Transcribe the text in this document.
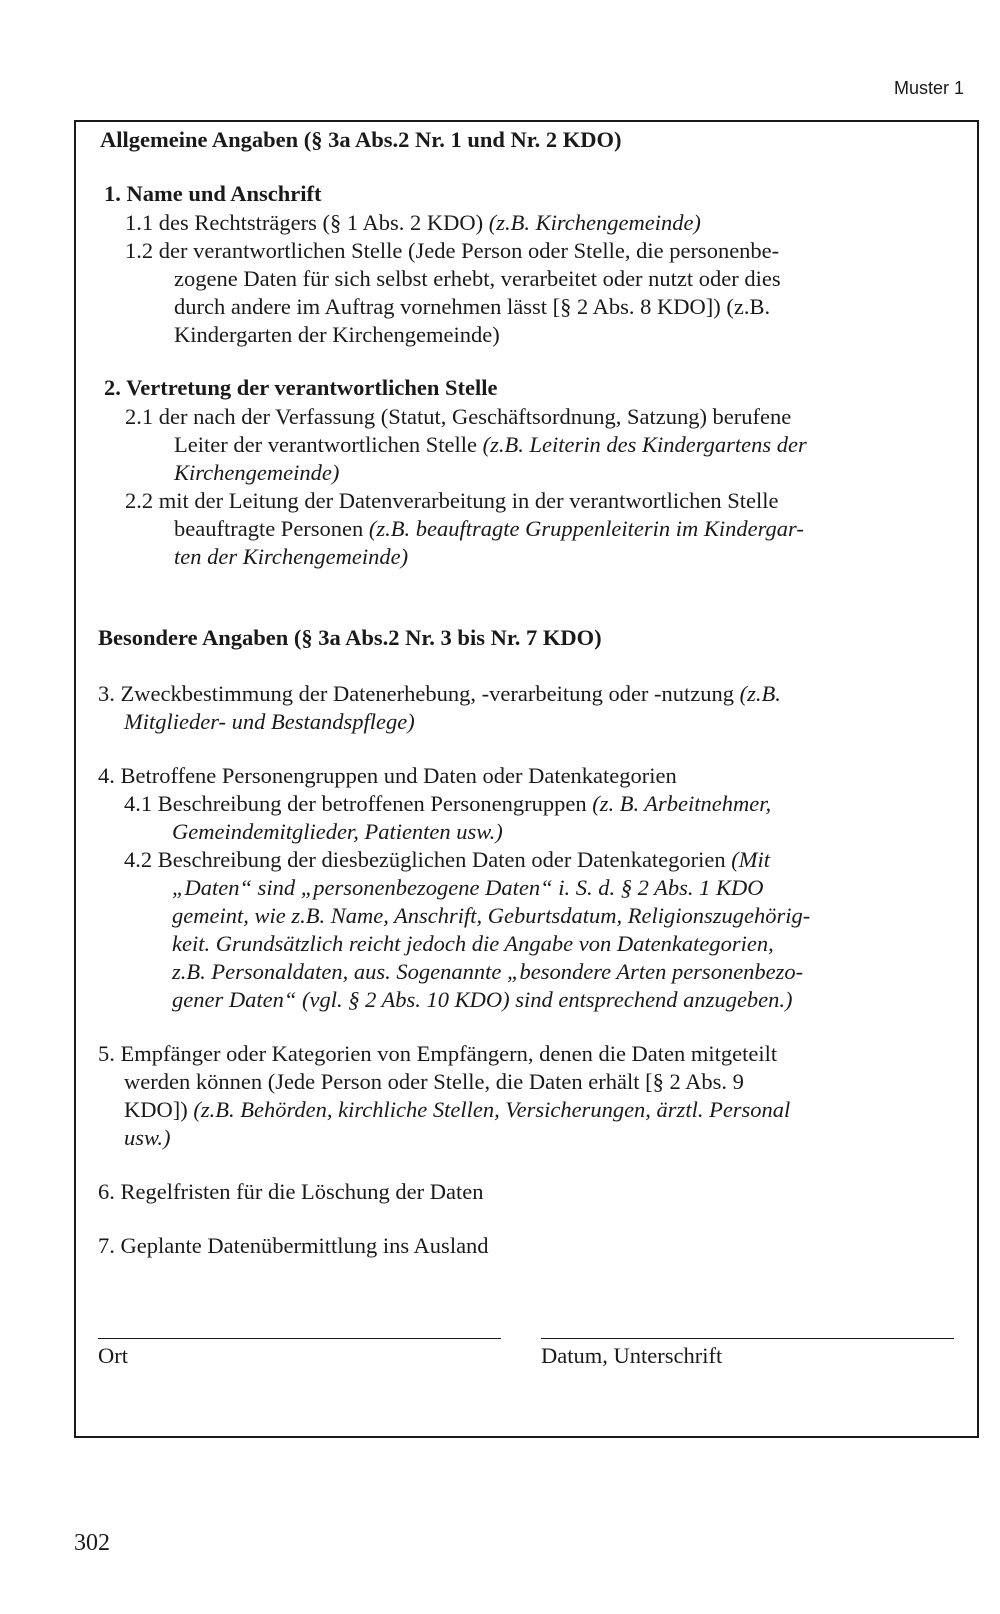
Muster 1
Allgemeine Angaben (§ 3a Abs.2 Nr. 1 und Nr. 2 KDO)
1. Name und Anschrift
1.1 des Rechtsträgers (§ 1 Abs. 2 KDO) (z.B. Kirchengemeinde)
1.2 der verantwortlichen Stelle (Jede Person oder Stelle, die personenbe-
zogene Daten für sich selbst erhebt, verarbeitet oder nutzt oder dies
durch andere im Auftrag vornehmen lässt [§ 2 Abs. 8 KDO]) (z.B.
Kindergarten der Kirchengemeinde)
2. Vertretung der verantwortlichen Stelle
2.1 der nach der Verfassung (Statut, Geschäftsordnung, Satzung) berufene
Leiter der verantwortlichen Stelle (z.B. Leiterin des Kindergartens der
Kirchengemeinde)
2.2 mit der Leitung der Datenverarbeitung in der verantwortlichen Stelle
beauftragte Personen (z.B. beauftragte Gruppenleiterin im Kindergar-
ten der Kirchengemeinde)
Besondere Angaben (§ 3a Abs.2 Nr. 3 bis Nr. 7 KDO)
3. Zweckbestimmung der Datenerhebung, -verarbeitung oder -nutzung (z.B.
Mitglieder- und Bestandspflege)
4. Betroffene Personengruppen und Daten oder Datenkategorien
4.1 Beschreibung der betroffenen Personengruppen (z. B. Arbeitnehmer,
Gemeindemitglieder, Patienten usw.)
4.2 Beschreibung der diesbezüglichen Daten oder Datenkategorien (Mit
„Daten“ sind „personenbezogene Daten“ i. S. d. § 2 Abs. 1 KDO
gemeint, wie z.B. Name, Anschrift, Geburtsdatum, Religionszugehörig-
keit. Grundsätzlich reicht jedoch die Angabe von Datenkategorien,
z.B. Personaldaten, aus. Sogenannte „besondere Arten personenbezo-
gener Daten“ (vgl. § 2 Abs. 10 KDO) sind entsprechend anzugeben.)
5. Empfänger oder Kategorien von Empfängern, denen die Daten mitgeteilt
werden können (Jede Person oder Stelle, die Daten erhält [§ 2 Abs. 9
KDO]) (z.B. Behörden, kirchliche Stellen, Versicherungen, ärztl. Personal
usw.)
6. Regelfristen für die Löschung der Daten
7. Geplante Datenübermittlung ins Ausland
Ort	Datum, Unterschrift
302
